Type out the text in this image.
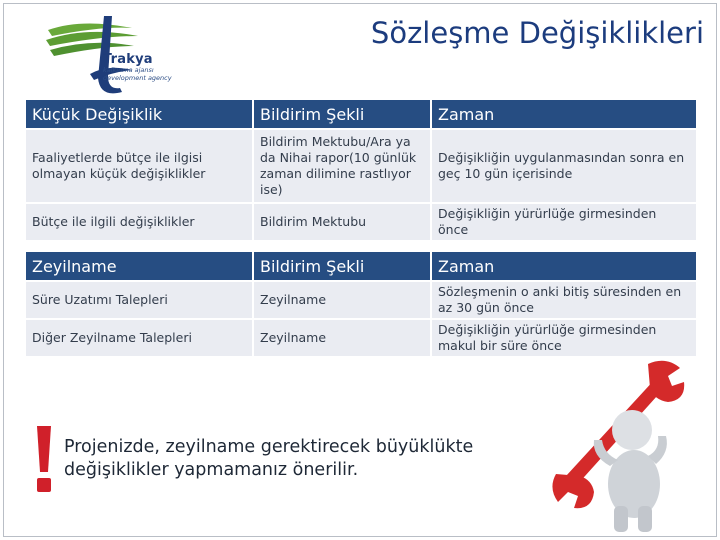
Trakya
kalkınma ajansı
development agency
Sözleşme Değişiklikleri
Küçük Değişiklik	Bildirim Şekli	Zaman
Faaliyetlerde bütçe ile ilgisi olmayan küçük değişiklikler	Bildirim Mektubu/Ara ya da Nihai rapor(10 günlük zaman dilimine rastlıyor ise)	Değişikliğin uygulanmasından sonra en geç 10 gün içerisinde
Bütçe ile ilgili değişiklikler	Bildirim Mektubu	Değişikliğin yürürlüğe girmesinden önce

Zeyilname	Bildirim Şekli	Zaman
Süre Uzatımı Talepleri	Zeyilname	Sözleşmenin o anki bitiş süresinden en az 30 gün önce
Diğer Zeyilname Talepleri	Zeyilname	Değişikliğin yürürlüğe girmesinden makul bir süre önce
Projenizde, zeyilname gerektirecek büyüklükte değişiklikler yapmamanız önerilir.
